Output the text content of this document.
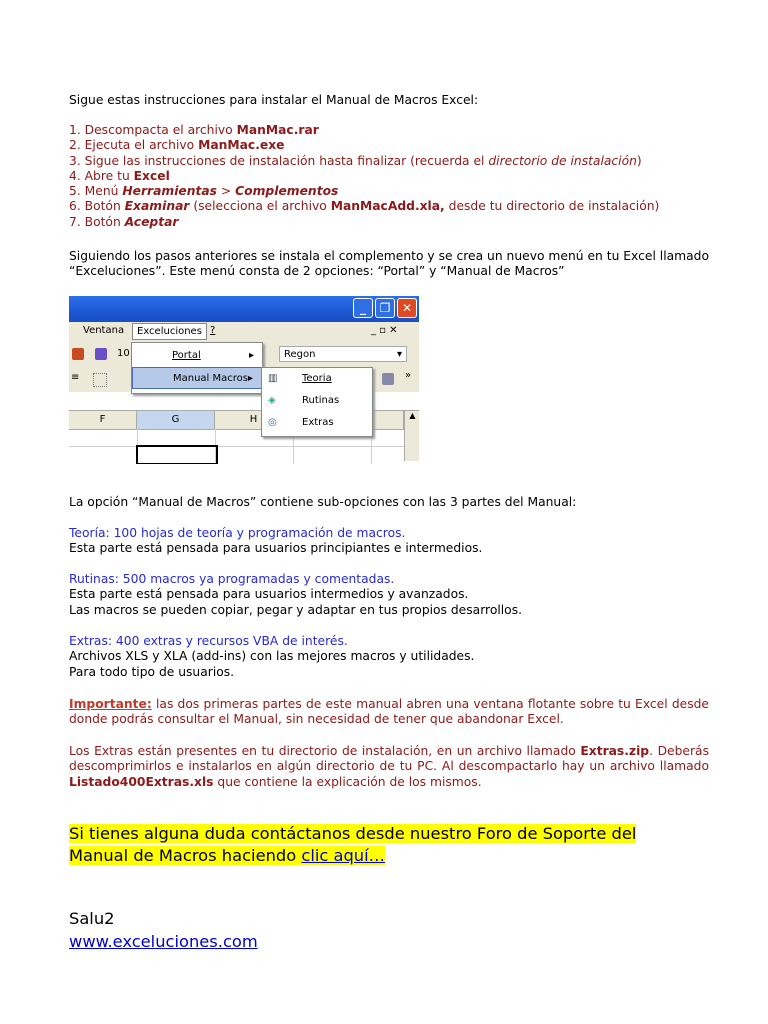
Sigue estas instrucciones para instalar el Manual de Macros Excel:

1. Descompacta el archivo ManMac.rar
2. Ejecuta el archivo ManMac.exe
3. Sigue las instrucciones de instalación hasta finalizar (recuerda el directorio de instalación)
4. Abre tu Excel
5. Menú Herramientas > Complementos
6. Botón Examinar (selecciona el archivo ManMacAdd.xla, desde tu directorio de instalación)
7. Botón Aceptar

Siguiendo los pasos anteriores se instala el complemento y se crea un nuevo menú en tu Excel llamado “Exceluciones”. Este menú consta de 2 opciones: “Portal” y “Manual de Macros”

_	❐ ✕
Ventana	Exceluciones ?	_ ▫ ✕
10	Regon	▾
≡	»
F	G	H	▲
Portal	▸
Manual Macros ▸ ▥ Teoria
◈	Rutinas
◎	Extras

La opción “Manual de Macros” contiene sub-opciones con las 3 partes del Manual:

Teoría: 100 hojas de teoría y programación de macros.
Esta parte está pensada para usuarios principiantes e intermedios.

Rutinas: 500 macros ya programadas y comentadas.
Esta parte está pensada para usuarios intermedios y avanzados.
Las macros se pueden copiar, pegar y adaptar en tus propios desarrollos.

Extras: 400 extras y recursos VBA de interés.
Archivos XLS y XLA (add-ins) con las mejores macros y utilidades.
Para todo tipo de usuarios.

Importante: las dos primeras partes de este manual abren una ventana flotante sobre tu Excel desde donde podrás consultar el Manual, sin necesidad de tener que abandonar Excel.

Los Extras están presentes en tu directorio de instalación, en un archivo llamado Extras.zip. Deberás descomprimirlos e instalarlos en algún directorio de tu PC. Al descompactarlo hay un archivo llamado Listado400Extras.xls que contiene la explicación de los mismos.

Si tienes alguna duda contáctanos desde nuestro Foro de Soporte del
Manual de Macros haciendo clic aquí…
Salu2
www.exceluciones.com
